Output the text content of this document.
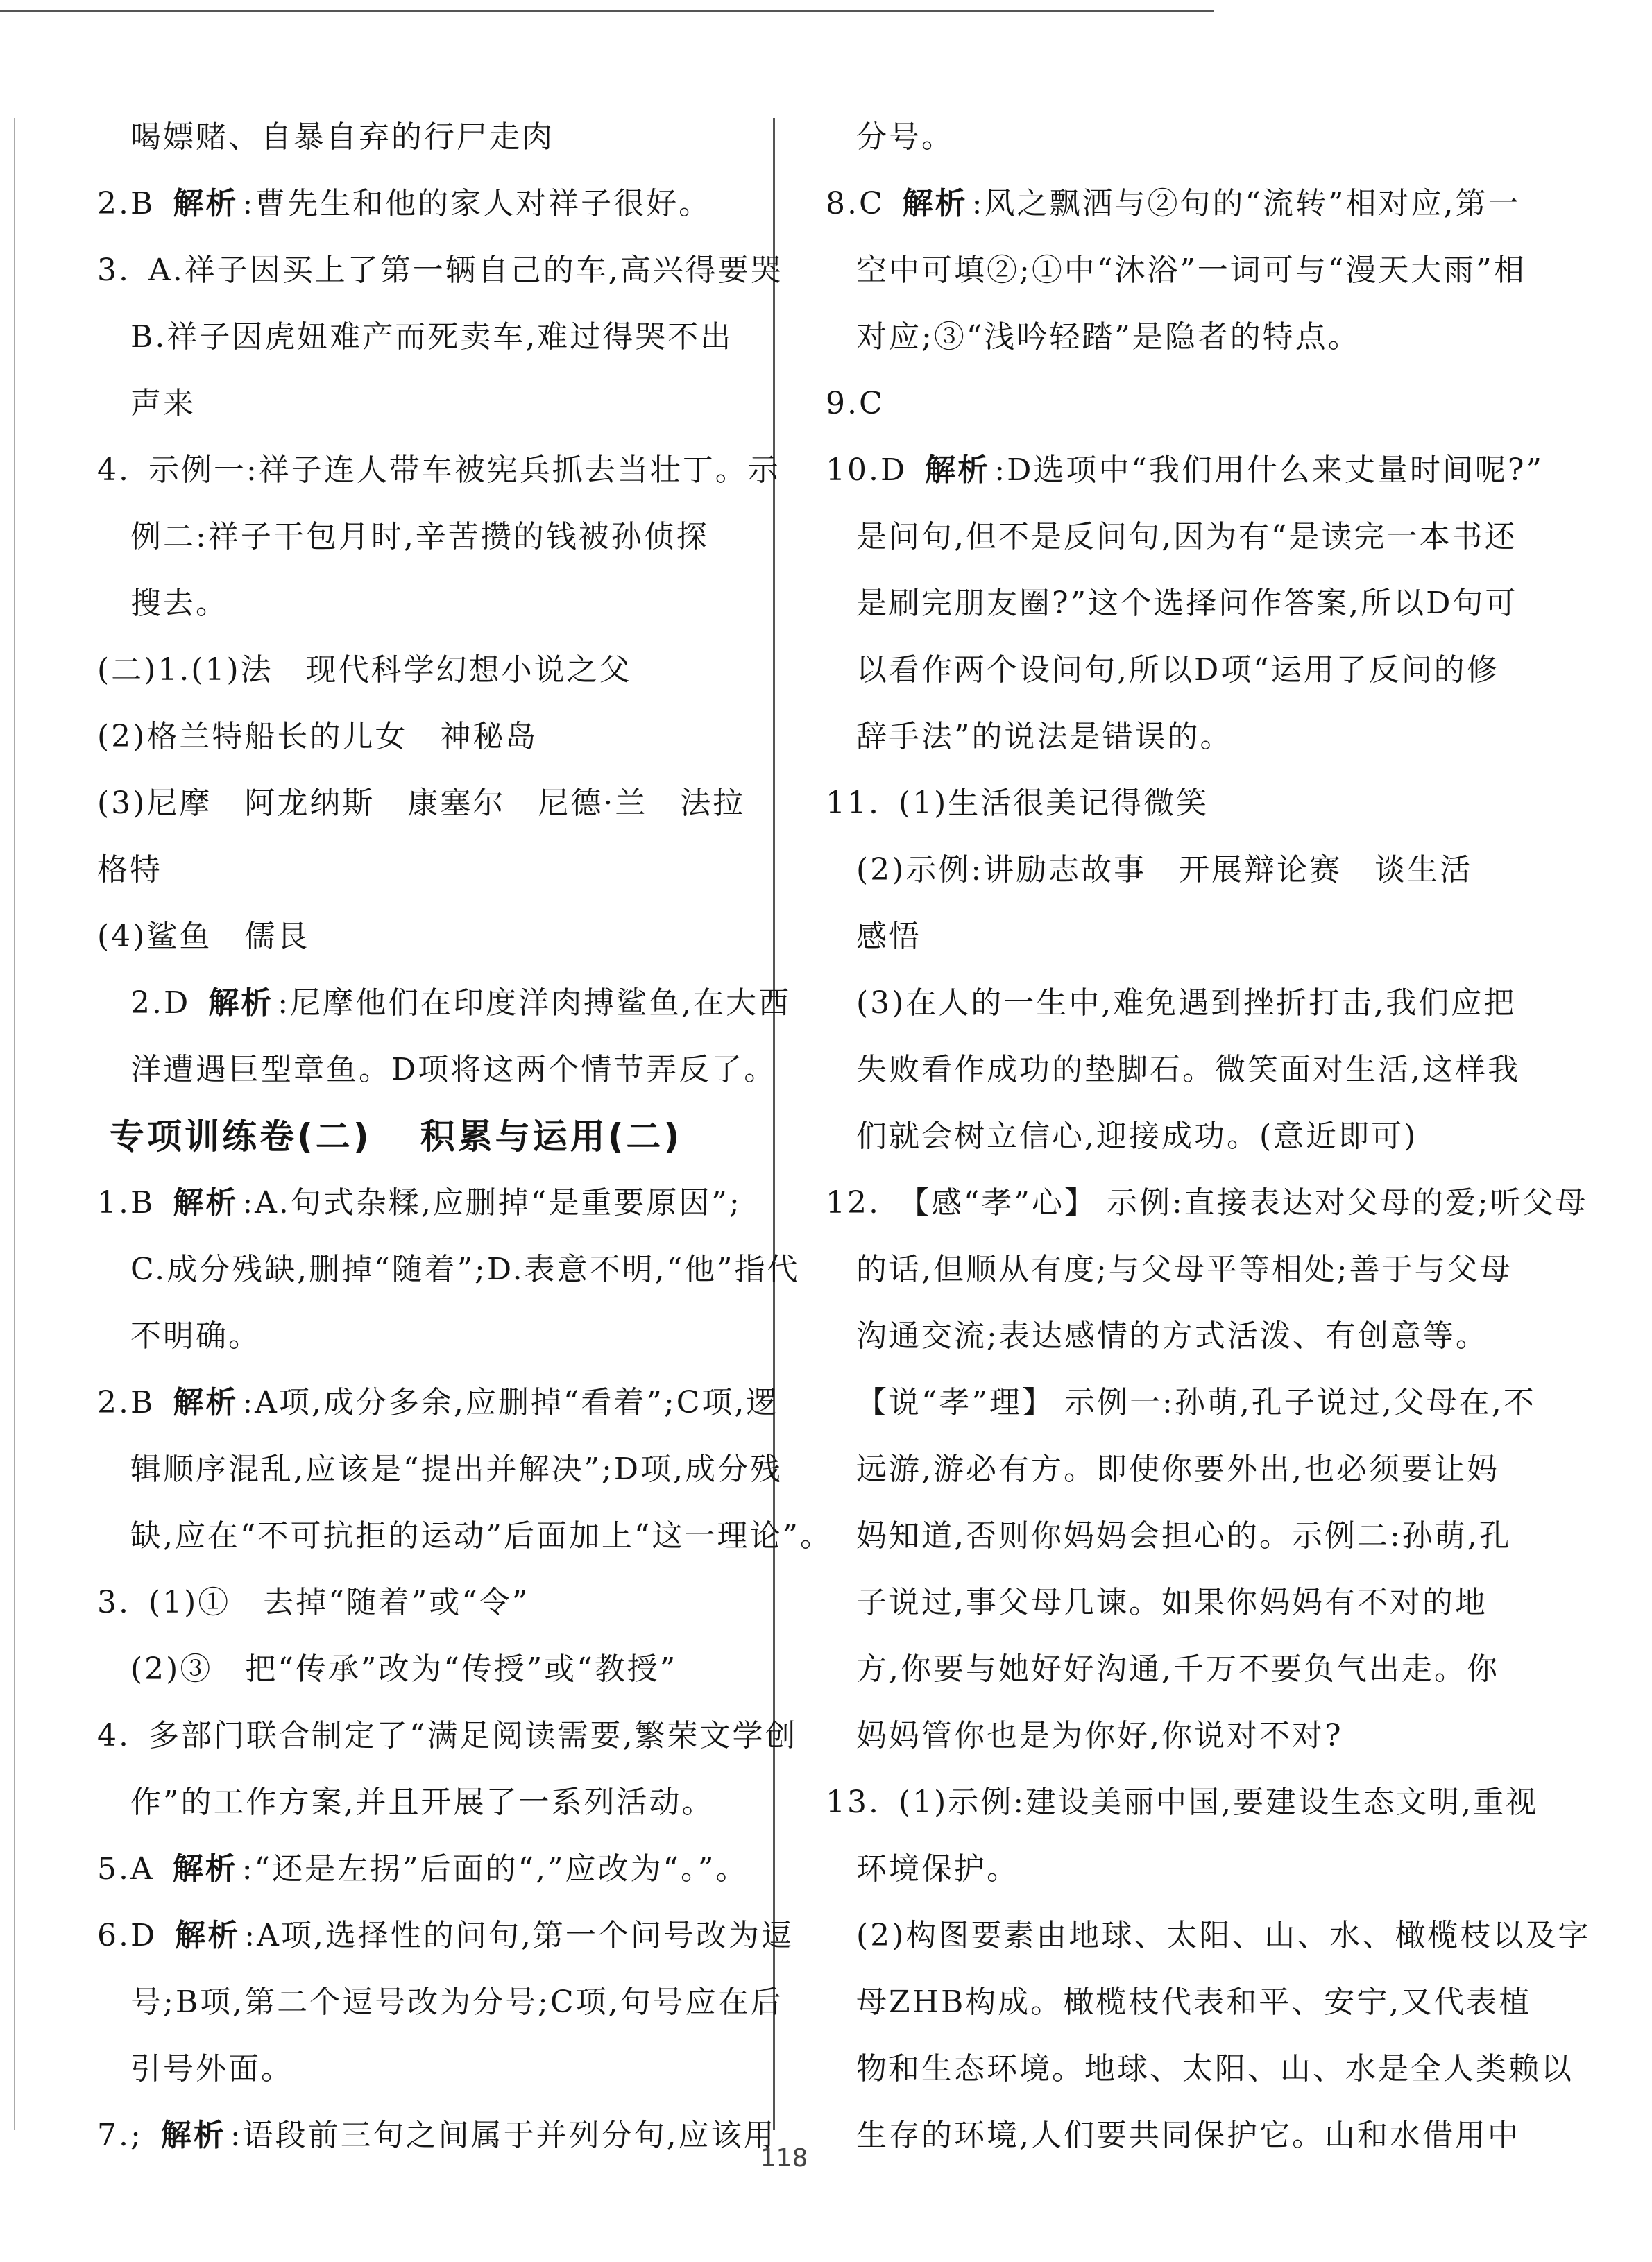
喝嫖赌、自暴自弃的行尸走肉
2.B 解析 :曹先生和他的家人对祥子很好。
3. A.祥子因买上了第一辆自己的车,高兴得要哭
B.祥子因虎妞难产而死卖车,难过得哭不出
声来
4. 示例一:祥子连人带车被宪兵抓去当壮丁。示
例二:祥子干包月时,辛苦攒的钱被孙侦探
搜去。
(二)1.(1)法　现代科学幻想小说之父
(2)格兰特船长的儿女　神秘岛
(3)尼摩　阿龙纳斯　康塞尔　尼德·兰　法拉
格特
(4)鲨鱼　儒艮
2.D 解析 :尼摩他们在印度洋肉搏鲨鱼,在大西
洋遭遇巨型章鱼。D项将这两个情节弄反了。
专项训练卷(二) 积累与运用(二)
1.B 解析 :A.句式杂糅,应删掉“是重要原因”;
C.成分残缺,删掉“随着”;D.表意不明,“他”指代
不明确。
2.B 解析 :A项,成分多余,应删掉“看着”;C项,逻
辑顺序混乱,应该是“提出并解决”;D项,成分残
缺,应在“不可抗拒的运动”后面加上“这一理论”。
3. (1)①　去掉“随着”或“令”
(2)③　把“传承”改为“传授”或“教授”
4. 多部门联合制定了“满足阅读需要,繁荣文学创
作”的工作方案,并且开展了一系列活动。
5.A 解析 :“还是左拐”后面的“,”应改为“。”。
6.D 解析 :A项,选择性的问句,第一个问号改为逗
号;B项,第二个逗号改为分号;C项,句号应在后
引号外面。
7.; 解析 :语段前三句之间属于并列分句,应该用
分号。
8.C 解析 :风之飘洒与②句的“流转”相对应,第一
空中可填②;①中“沐浴”一词可与“漫天大雨”相
对应;③“浅吟轻踏”是隐者的特点。
9.C
10.D 解析 :D选项中“我们用什么来丈量时间呢?”
是问句,但不是反问句,因为有“是读完一本书还
是刷完朋友圈?”这个选择问作答案,所以D句可
以看作两个设问句,所以D项“运用了反问的修
辞手法”的说法是错误的。
11. (1)生活很美记得微笑
(2)示例:讲励志故事　开展辩论赛　谈生活
感悟
(3)在人的一生中,难免遇到挫折打击,我们应把
失败看作成功的垫脚石。微笑面对生活,这样我
们就会树立信心,迎接成功。(意近即可)
12. 【感“孝”心】 示例:直接表达对父母的爱;听父母
的话,但顺从有度;与父母平等相处;善于与父母
沟通交流;表达感情的方式活泼、有创意等。
【说“孝”理】 示例一:孙萌,孔子说过,父母在,不
远游,游必有方。即使你要外出,也必须要让妈
妈知道,否则你妈妈会担心的。示例二:孙萌,孔
子说过,事父母几谏。如果你妈妈有不对的地
方,你要与她好好沟通,千万不要负气出走。你
妈妈管你也是为你好,你说对不对?
13. (1)示例:建设美丽中国,要建设生态文明,重视
环境保护。
(2)构图要素由地球、太阳、山、水、橄榄枝以及字
母ZHB构成。橄榄枝代表和平、安宁,又代表植
物和生态环境。地球、太阳、山、水是全人类赖以
生存的环境,人们要共同保护它。山和水借用中
118
